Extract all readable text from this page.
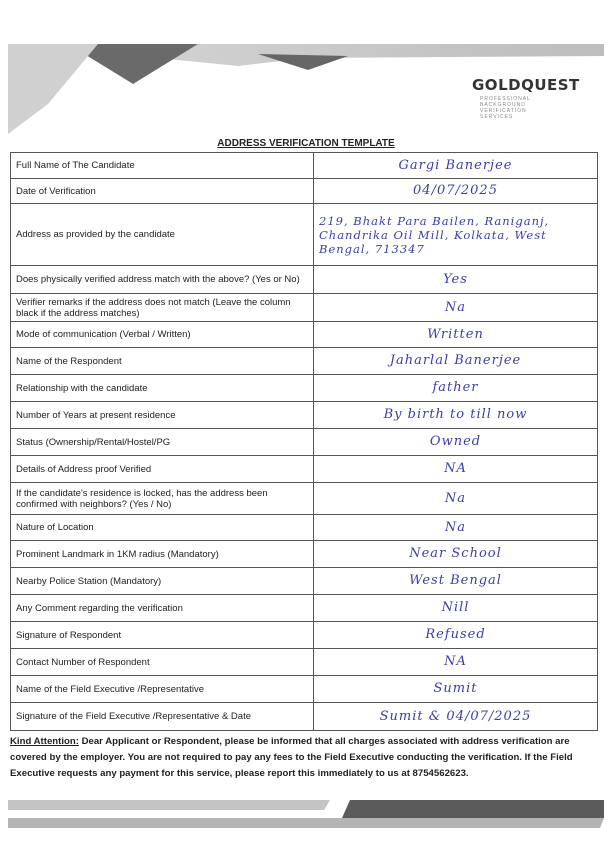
GOLDQUEST
PROFESSIONAL BACKGROUND VERIFICATION SERVICES
ADDRESS VERIFICATION TEMPLATE
Full Name of The Candidate	Gargi Banerjee
Date of Verification	04/07/2025
Address as provided by the candidate	219, Bhakt Para Bailen, Raniganj, Chandrika Oil Mill, Kolkata, West Bengal, 713347
Does physically verified address match with the above? (Yes or No)	Yes
Verifier remarks if the address does not match (Leave the column black if the address matches)	Na
Mode of communication (Verbal / Written)	Written
Name of the Respondent	Jaharlal Banerjee
Relationship with the candidate	father
Number of Years at present residence	By birth to till now
Status (Ownership/Rental/Hostel/PG	Owned
Details of Address proof Verified	NA
If the candidate's residence is locked, has the address been confirmed with neighbors? (Yes / No)	Na
Nature of Location	Na
Prominent Landmark in 1KM radius (Mandatory)	Near School
Nearby Police Station (Mandatory)	West Bengal
Any Comment regarding the verification	Nill
Signature of Respondent	Refused
Contact Number of Respondent	NA
Name of the Field Executive /Representative	Sumit
Signature of the Field Executive /Representative & Date	Sumit & 04/07/2025
Kind Attention: Dear Applicant or Respondent, please be informed that all charges associated with address verification are covered by the employer. You are not required to pay any fees to the Field Executive conducting the verification. If the Field Executive requests any payment for this service, please report this immediately to us at 8754562623.
